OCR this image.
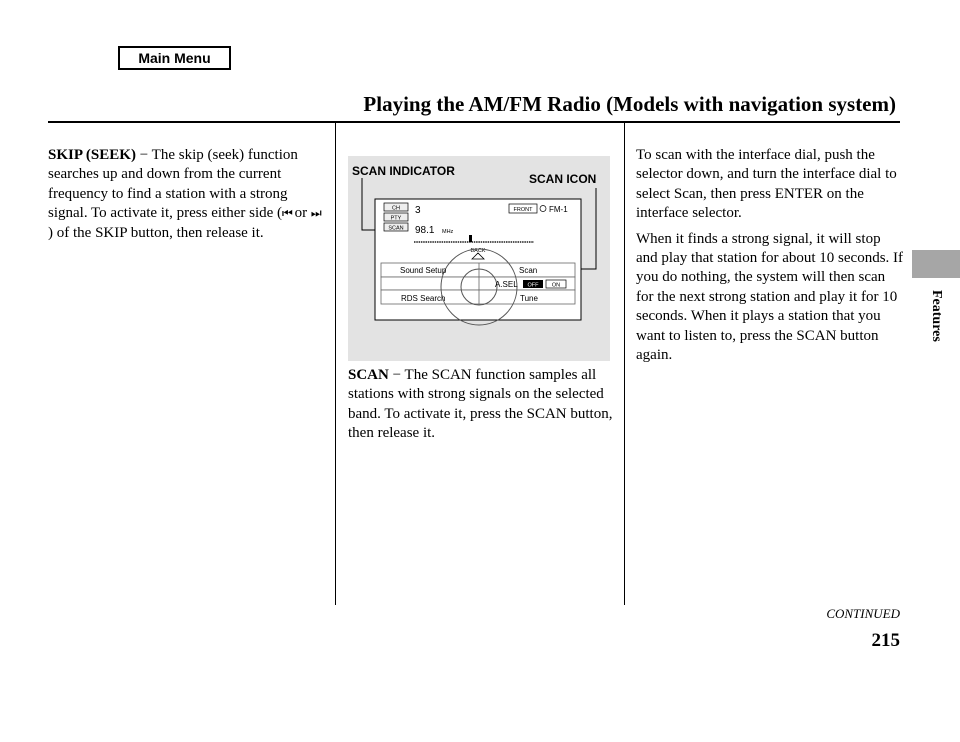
Main Menu
Playing the AM/FM Radio (Models with navigation system)
Features

SKIP (SEEK) − The skip (seek) function searches up and down from the current frequency to find a station with a strong signal. To activate it, press either side (⏮ or ⏭ ) of the SKIP button, then release it.

SCAN INDICATOR
SCAN ICON
CH
PTY
SCAN
3
98.1 MHz
FRONT FM-1
BACK
Sound Setup	Scan
A.SEL OFF ON
RDS Search	Tune

SCAN − The SCAN function samples all stations with strong signals on the selected band. To activate it, press the SCAN button, then release it.

To scan with the interface dial, push the selector down, and turn the interface dial to select Scan, then press ENTER on the interface selector.

When it finds a strong signal, it will stop and play that station for about 10 seconds. If you do nothing, the system will then scan for the next strong station and play it for 10 seconds. When it plays a station that you want to listen to, press the SCAN button again.

CONTINUED
215
